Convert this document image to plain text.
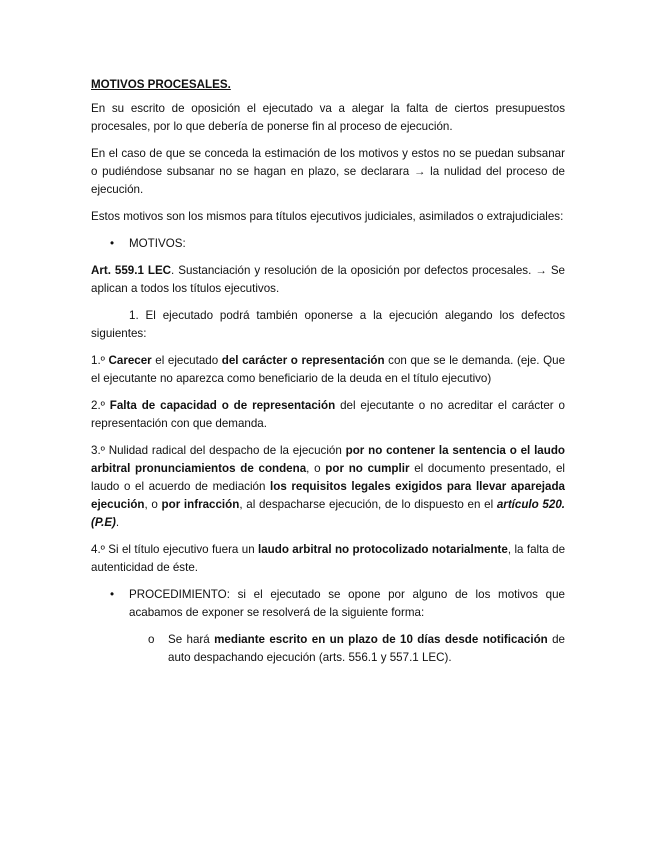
MOTIVOS PROCESALES.

En su escrito de oposición el ejecutado va a alegar la falta de ciertos presupuestos procesales, por lo que debería de ponerse fin al proceso de ejecución.

En el caso de que se conceda la estimación de los motivos y estos no se puedan subsanar o pudiéndose subsanar no se hagan en plazo, se declarara → la nulidad del proceso de ejecución.

Estos motivos son los mismos para títulos ejecutivos judiciales, asimilados o extrajudiciales:

• MOTIVOS:

Art. 559.1 LEC. Sustanciación y resolución de la oposición por defectos procesales. → Se aplican a todos los títulos ejecutivos.

1. El ejecutado podrá también oponerse a la ejecución alegando los defectos siguientes:

1.º Carecer el ejecutado del carácter o representación con que se le demanda. (eje. Que el ejecutante no aparezca como beneficiario de la deuda en el título ejecutivo)

2.º Falta de capacidad o de representación del ejecutante o no acreditar el carácter o representación con que demanda.

3.º Nulidad radical del despacho de la ejecución por no contener la sentencia o el laudo arbitral pronunciamientos de condena, o por no cumplir el documento presentado, el laudo o el acuerdo de mediación los requisitos legales exigidos para llevar aparejada ejecución, o por infracción, al despacharse ejecución, de lo dispuesto en el artículo 520. (P.E).

4.º Si el título ejecutivo fuera un laudo arbitral no protocolizado notarialmente, la falta de autenticidad de éste.

• PROCEDIMIENTO: si el ejecutado se opone por alguno de los motivos que acabamos de exponer se resolverá de la siguiente forma:
o Se hará mediante escrito en un plazo de 10 días desde notificación de auto despachando ejecución (arts. 556.1 y 557.1 LEC).
